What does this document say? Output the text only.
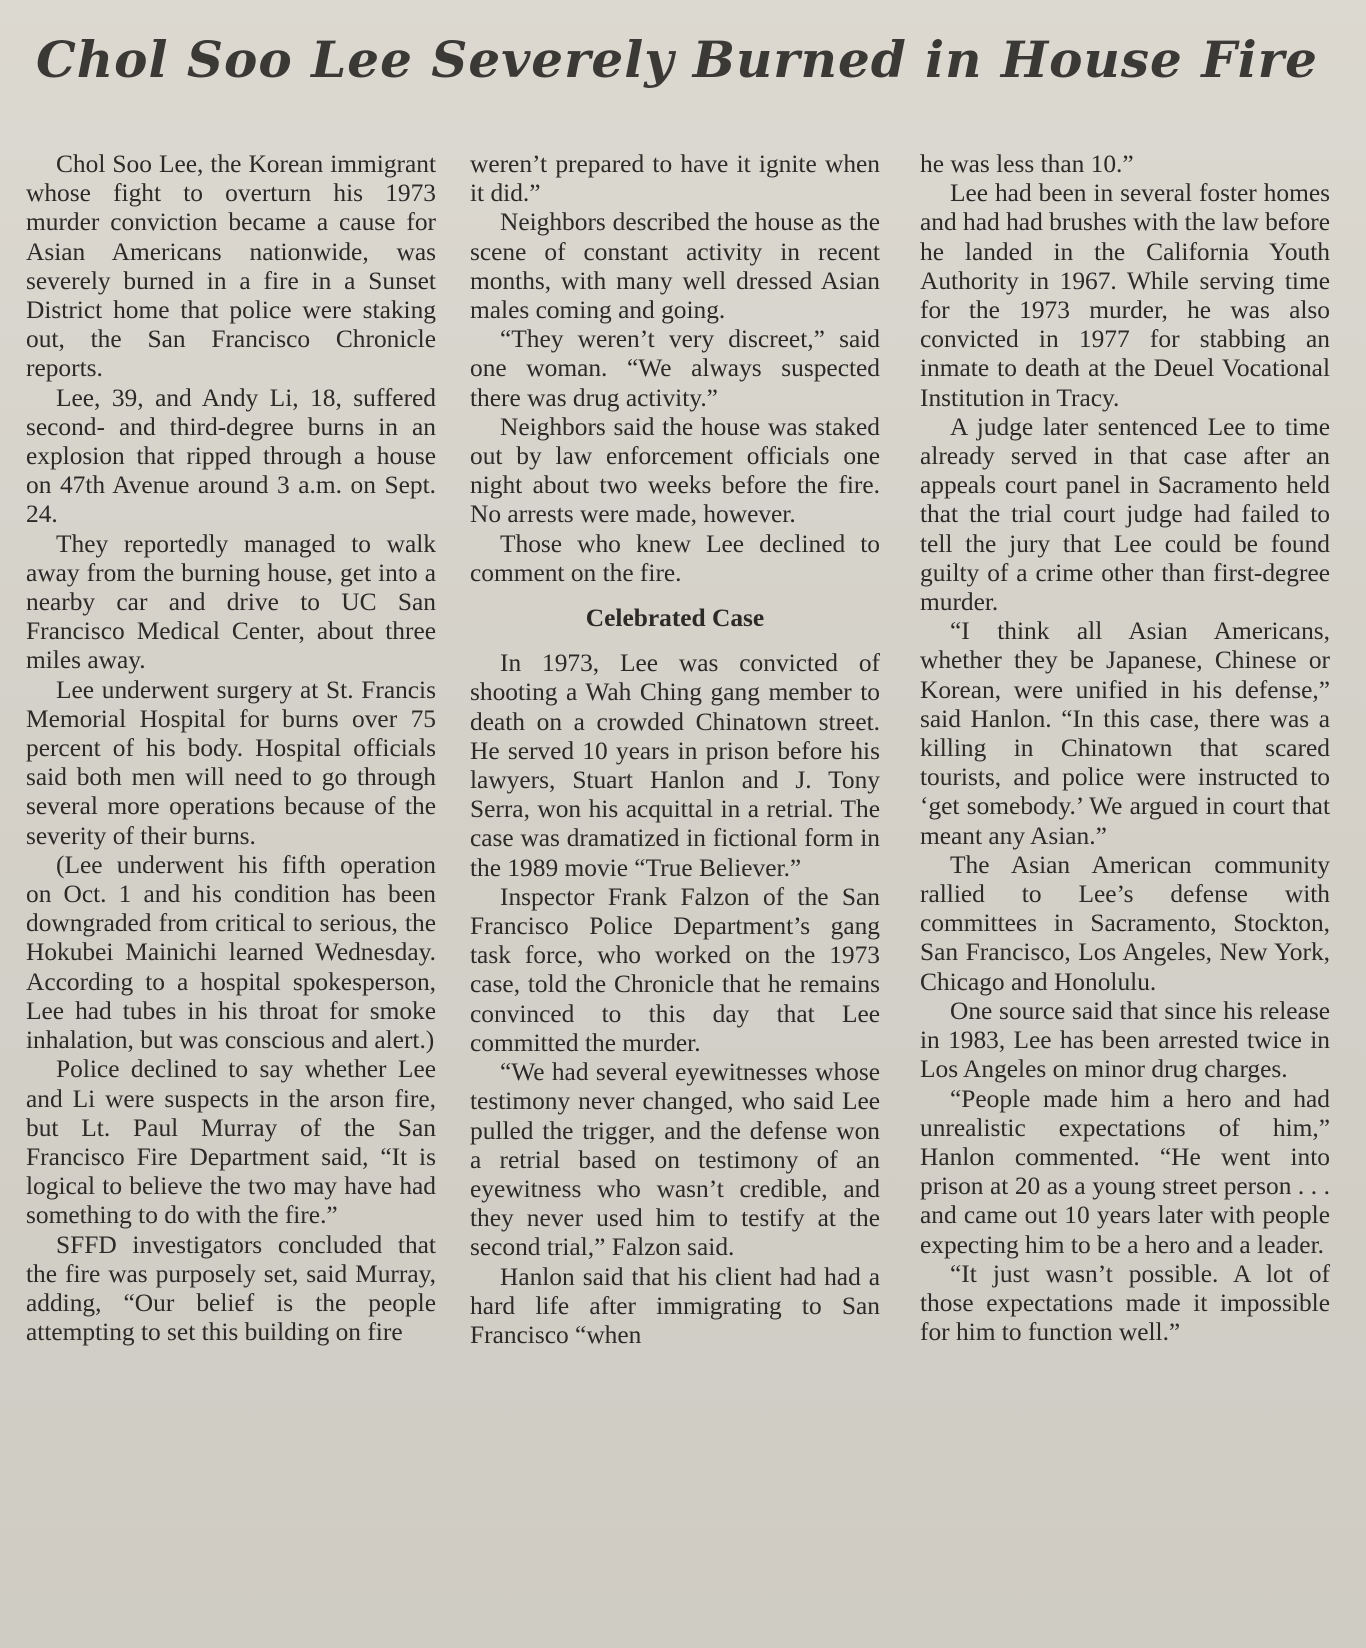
Chol Soo Lee Severely Burned in House Fire

Chol Soo Lee, the Korean immigrant whose fight to overturn his 1973 murder conviction became a cause for Asian Americans nationwide, was severely burned in a fire in a Sunset District home that police were staking out, the San Francisco Chronicle reports.

Lee, 39, and Andy Li, 18, suffered second- and third-degree burns in an explosion that ripped through a house on 47th Avenue around 3 a.m. on Sept. 24.

They reportedly managed to walk away from the burning house, get into a nearby car and drive to UC San Francisco Medical Center, about three miles away.

Lee underwent surgery at St. Francis Memorial Hospital for burns over 75 percent of his body. Hospital officials said both men will need to go through several more operations because of the severity of their burns.

(Lee underwent his fifth operation on Oct. 1 and his condition has been downgraded from critical to serious, the Hokubei Mainichi learned Wednesday. According to a hospital spokesperson, Lee had tubes in his throat for smoke inhalation, but was conscious and alert.)

Police declined to say whether Lee and Li were suspects in the arson fire, but Lt. Paul Murray of the San Francisco Fire Department said, “It is logical to believe the two may have had something to do with the fire.”

SFFD investigators concluded that the fire was purposely set, said Murray, adding, “Our belief is the people attempting to set this building on fire

weren’t prepared to have it ignite when it did.”

Neighbors described the house as the scene of constant activity in recent months, with many well dressed Asian males coming and going.

“They weren’t very discreet,” said one woman. “We always suspected there was drug activity.”

Neighbors said the house was staked out by law enforcement officials one night about two weeks before the fire. No arrests were made, however.

Those who knew Lee declined to comment on the fire.

Celebrated Case

In 1973, Lee was convicted of shooting a Wah Ching gang member to death on a crowded Chinatown street. He served 10 years in prison before his lawyers, Stuart Hanlon and J. Tony Serra, won his acquittal in a retrial. The case was dramatized in fictional form in the 1989 movie “True Believer.”

Inspector Frank Falzon of the San Francisco Police Department’s gang task force, who worked on the 1973 case, told the Chronicle that he remains convinced to this day that Lee committed the murder.

“We had several eyewitnesses whose testimony never changed, who said Lee pulled the trigger, and the defense won a retrial based on testimony of an eyewitness who wasn’t credible, and they never used him to testify at the second trial,” Falzon said.

Hanlon said that his client had had a hard life after immigrating to San Francisco “when

he was less than 10.”

Lee had been in several foster homes and had had brushes with the law before he landed in the California Youth Authority in 1967. While serving time for the 1973 murder, he was also convicted in 1977 for stabbing an inmate to death at the Deuel Vocational Institution in Tracy.

A judge later sentenced Lee to time already served in that case after an appeals court panel in Sacramento held that the trial court judge had failed to tell the jury that Lee could be found guilty of a crime other than first-degree murder.

“I think all Asian Americans, whether they be Japanese, Chinese or Korean, were unified in his defense,” said Hanlon. “In this case, there was a killing in Chinatown that scared tourists, and police were instructed to ‘get somebody.’ We argued in court that meant any Asian.”

The Asian American community rallied to Lee’s defense with committees in Sacramento, Stockton, San Francisco, Los Angeles, New York, Chicago and Honolulu.

One source said that since his release in 1983, Lee has been arrested twice in Los Angeles on minor drug charges.

“People made him a hero and had unrealistic expectations of him,” Hanlon commented. “He went into prison at 20 as a young street person . . . and came out 10 years later with people expecting him to be a hero and a leader.

“It just wasn’t possible. A lot of those expectations made it impossible for him to function well.”
